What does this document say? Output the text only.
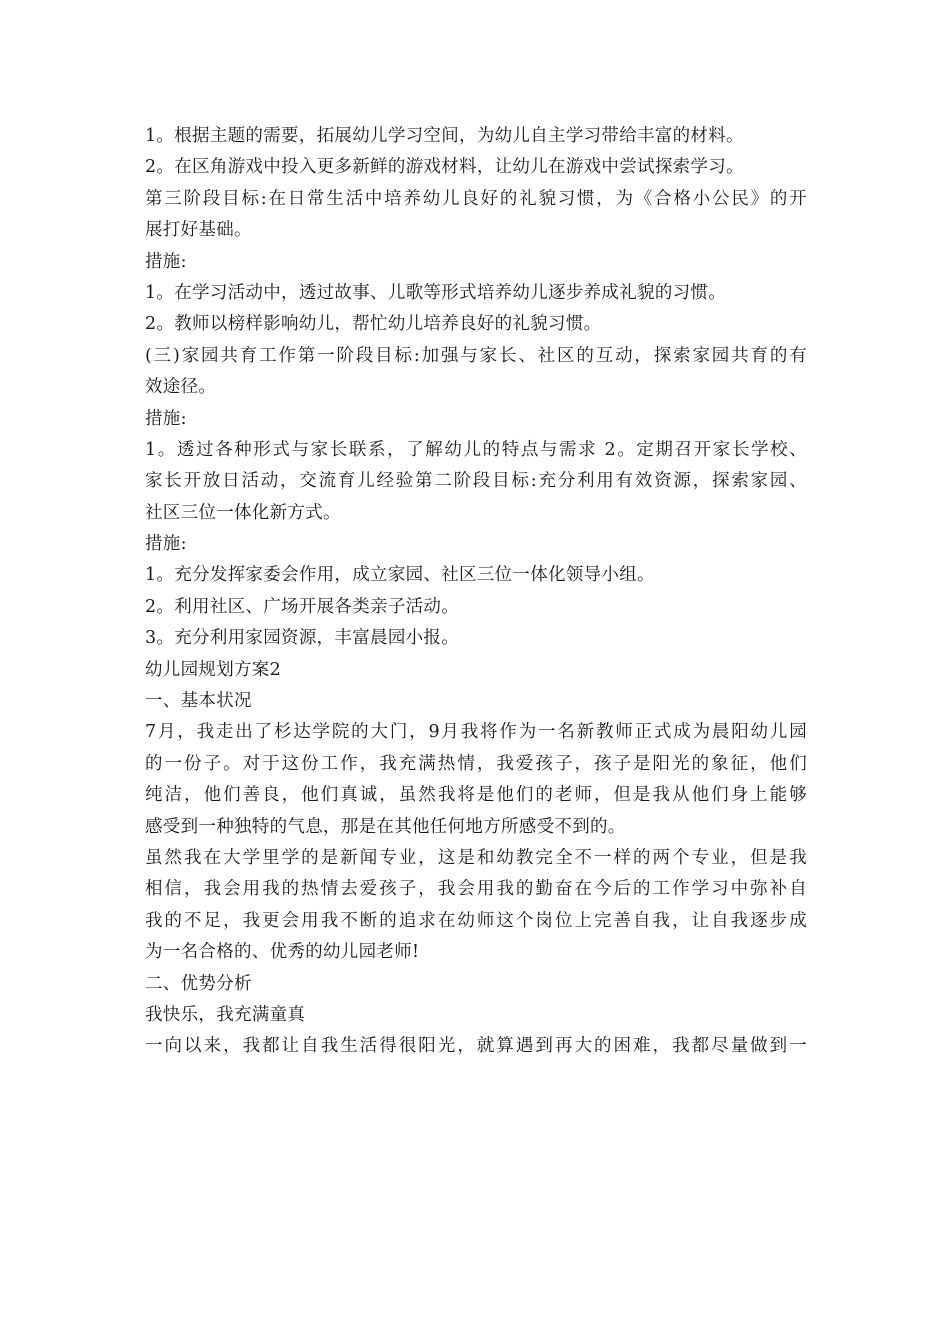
1。根据主题的需要，拓展幼儿学习空间，为幼儿自主学习带给丰富的材料。
2。在区角游戏中投入更多新鲜的游戏材料，让幼儿在游戏中尝试探索学习。
第三阶段目标:在日常生活中培养幼儿良好的礼貌习惯，为《合格小公民》的开
展打好基础。
措施:
1。在学习活动中，透过故事、儿歌等形式培养幼儿逐步养成礼貌的习惯。
2。教师以榜样影响幼儿，帮忙幼儿培养良好的礼貌习惯。
(三)家园共育工作第一阶段目标:加强与家长、社区的互动，探索家园共育的有
效途径。
措施:
1。透过各种形式与家长联系，了解幼儿的特点与需求 2。定期召开家长学校、
家长开放日活动，交流育儿经验第二阶段目标:充分利用有效资源，探索家园、
社区三位一体化新方式。
措施:
1。充分发挥家委会作用，成立家园、社区三位一体化领导小组。
2。利用社区、广场开展各类亲子活动。
3。充分利用家园资源，丰富晨园小报。
幼儿园规划方案2
一、基本状况
7月，我走出了杉达学院的大门，9月我将作为一名新教师正式成为晨阳幼儿园
的一份子。对于这份工作，我充满热情，我爱孩子，孩子是阳光的象征，他们
纯洁，他们善良，他们真诚，虽然我将是他们的老师，但是我从他们身上能够
感受到一种独特的气息，那是在其他任何地方所感受不到的。
虽然我在大学里学的是新闻专业，这是和幼教完全不一样的两个专业，但是我
相信，我会用我的热情去爱孩子，我会用我的勤奋在今后的工作学习中弥补自
我的不足，我更会用我不断的追求在幼师这个岗位上完善自我，让自我逐步成
为一名合格的、优秀的幼儿园老师!
二、优势分析
我快乐，我充满童真
一向以来，我都让自我生活得很阳光，就算遇到再大的困难，我都尽量做到一
